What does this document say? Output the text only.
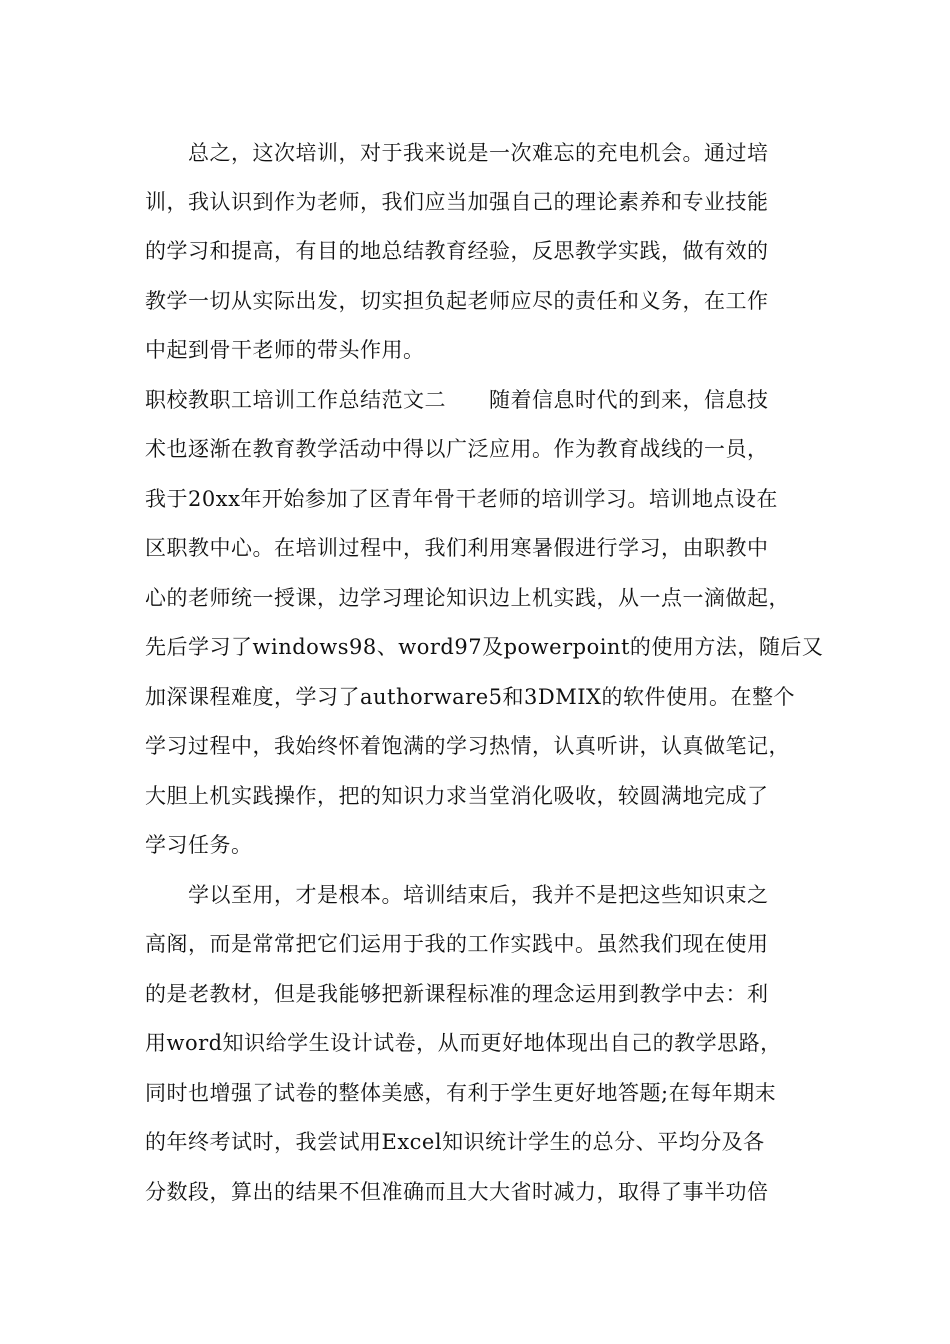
　　总之，这次培训，对于我来说是一次难忘的充电机会。通过培
训，我认识到作为老师，我们应当加强自己的理论素养和专业技能
的学习和提高，有目的地总结教育经验，反思教学实践，做有效的
教学一切从实际出发，切实担负起老师应尽的责任和义务，在工作
中起到骨干老师的带头作用。
职校教职工培训工作总结范文二　　随着信息时代的到来，信息技
术也逐渐在教育教学活动中得以广泛应用。作为教育战线的一员，
我于20xx年开始参加了区青年骨干老师的培训学习。培训地点设在
区职教中心。在培训过程中，我们利用寒暑假进行学习，由职教中
心的老师统一授课，边学习理论知识边上机实践，从一点一滴做起，
先后学习了windows98、word97及powerpoint的使用方法，随后又
加深课程难度，学习了authorware5和3DMIX的软件使用。在整个
学习过程中，我始终怀着饱满的学习热情，认真听讲，认真做笔记，
大胆上机实践操作，把的知识力求当堂消化吸收，较圆满地完成了
学习任务。
　　学以至用，才是根本。培训结束后，我并不是把这些知识束之
高阁，而是常常把它们运用于我的工作实践中。虽然我们现在使用
的是老教材，但是我能够把新课程标准的理念运用到教学中去：利
用word知识给学生设计试卷，从而更好地体现出自己的教学思路，
同时也增强了试卷的整体美感，有利于学生更好地答题;在每年期末
的年终考试时，我尝试用Excel知识统计学生的总分、平均分及各
分数段，算出的结果不但准确而且大大省时减力，取得了事半功倍
